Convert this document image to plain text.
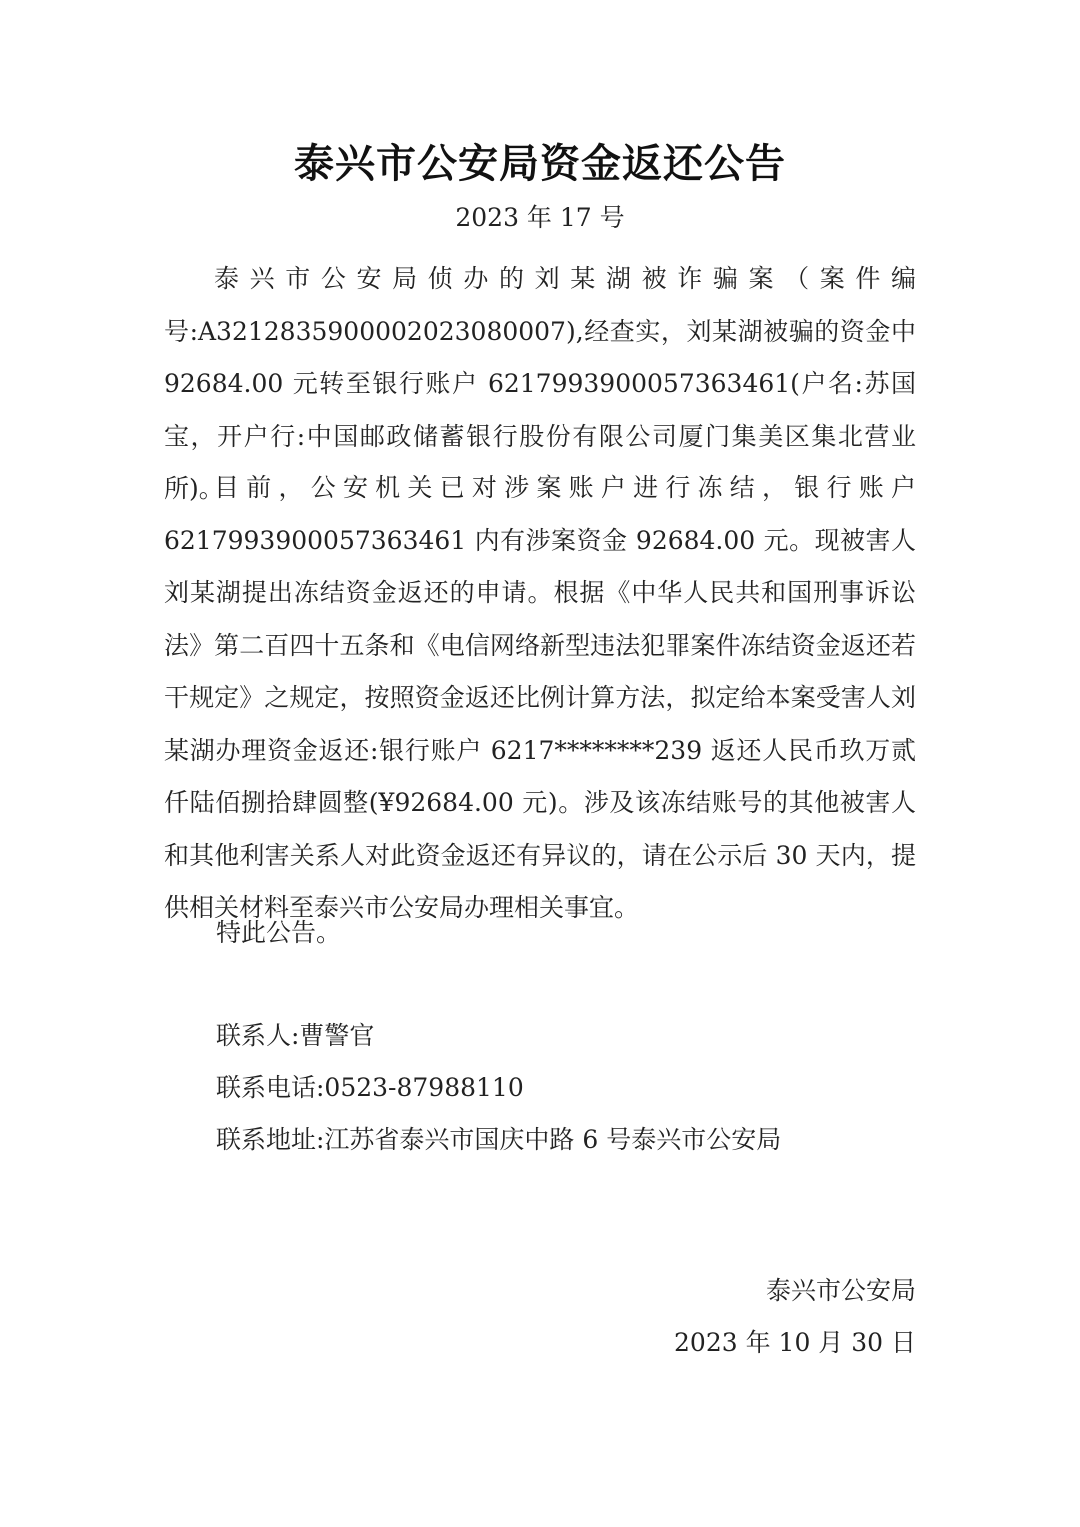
泰兴市公安局资金返还公告
2023 年 17 号

泰兴市公安局侦办的刘某湖被诈骗案（案件编号:A3212835900002023080007),经查实，刘某湖被骗的资金中92684.00 元转至银行账户 6217993900057363461(户名:苏国宝，开户行:中国邮政储蓄银行股份有限公司厦门集美区集北营业所)。

目前，公安机关已对涉案账户进行冻结，银行账户6217993900057363461 内有涉案资金 92684.00 元。现被害人刘某湖提出冻结资金返还的申请。根据《中华人民共和国刑事诉讼法》第二百四十五条和《电信网络新型违法犯罪案件冻结资金返还若干规定》之规定，按照资金返还比例计算方法，拟定给本案受害人刘某湖办理资金返还:银行账户 6217********239 返还人民币玖万贰仟陆佰捌拾肆圆整(¥92684.00 元)。涉及该冻结账号的其他被害人和其他利害关系人对此资金返还有异议的，请在公示后 30 天内，提供相关材料至泰兴市公安局办理相关事宜。

特此公告。
联系人:曹警官
联系电话:0523-87988110
联系地址:江苏省泰兴市国庆中路 6 号泰兴市公安局
泰兴市公安局
2023 年 10 月 30 日
